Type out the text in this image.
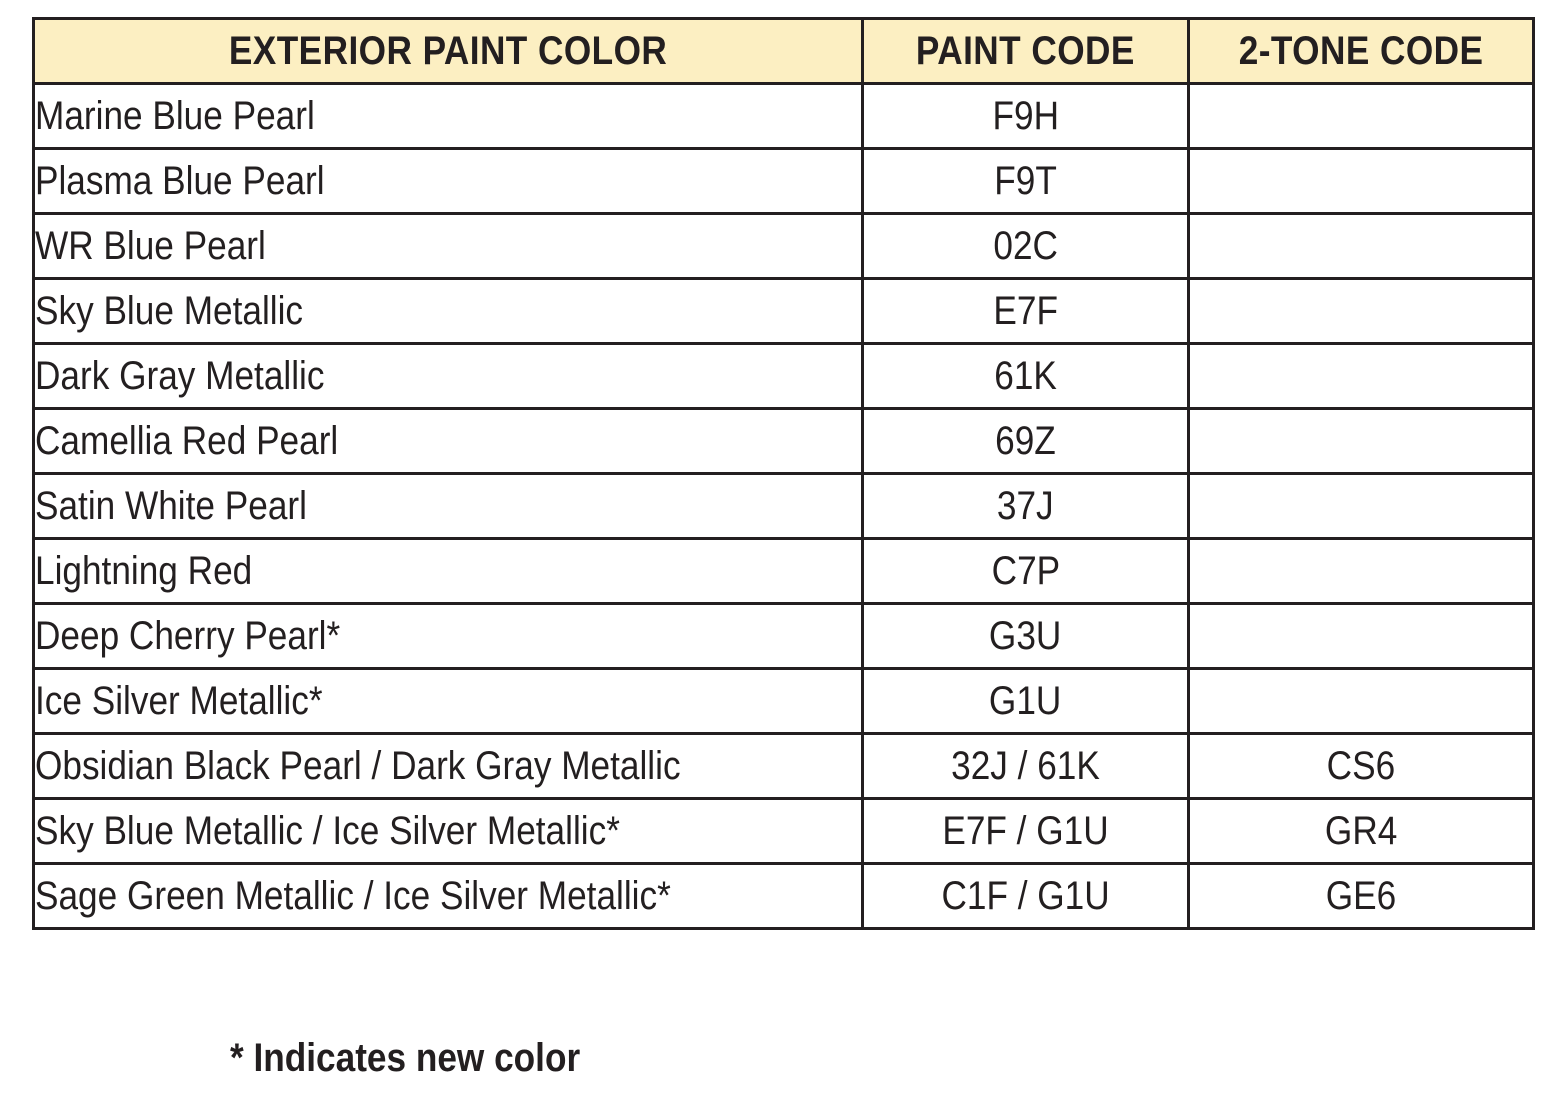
EXTERIOR PAINT COLOR	PAINT CODE	2-TONE CODE
Marine Blue Pearl	F9H	
Plasma Blue Pearl	F9T	
WR Blue Pearl	02C	
Sky Blue Metallic	E7F	
Dark Gray Metallic	61K	
Camellia Red Pearl	69Z	
Satin White Pearl	37J	
Lightning Red	C7P	
Deep Cherry Pearl*	G3U	
Ice Silver Metallic*	G1U	
Obsidian Black Pearl / Dark Gray Metallic	32J / 61K	CS6
Sky Blue Metallic / Ice Silver Metallic*	E7F / G1U	GR4
Sage Green Metallic / Ice Silver Metallic*	C1F / G1U	GE6
* Indicates new color
